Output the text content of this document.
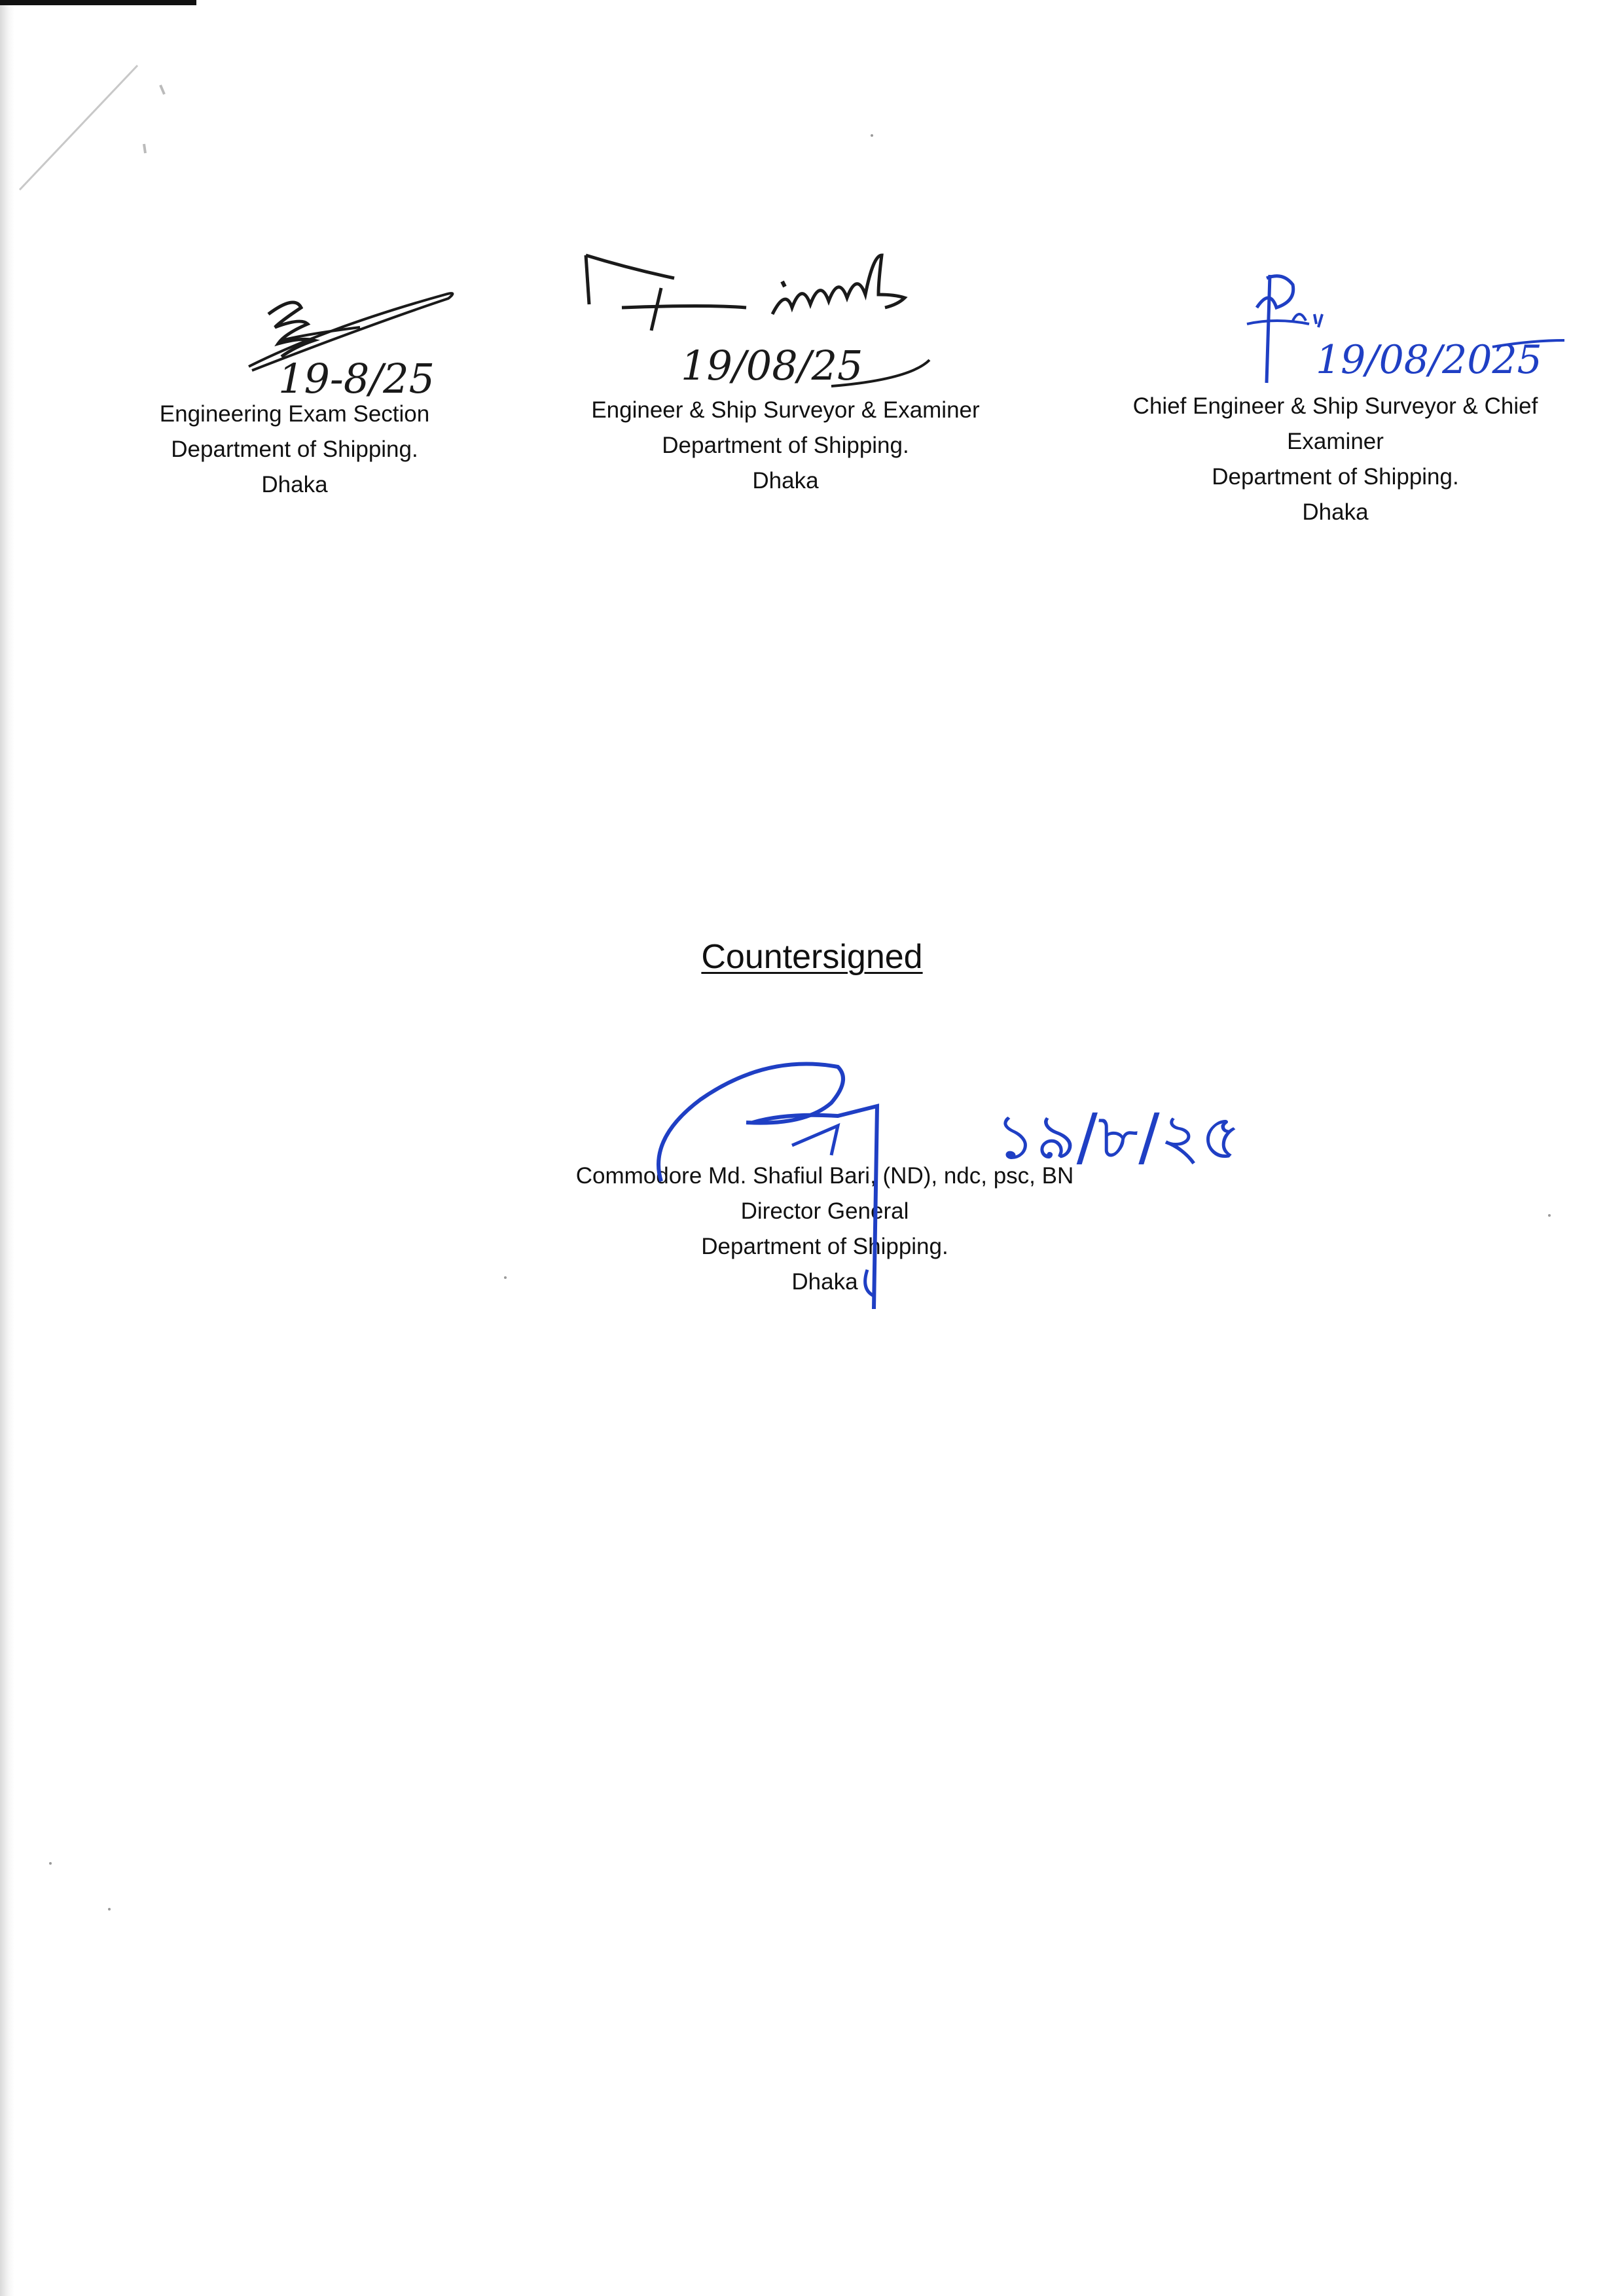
19-8/25
Engineering Exam Section
Department of Shipping.
Dhaka
19/08/25
Engineer & Ship Surveyor & Examiner
Department of Shipping.
Dhaka
19/08/2025
Chief Engineer & Ship Surveyor & Chief
Examiner
Department of Shipping.
Dhaka
Countersigned
Commodore Md. Shafiul Bari, (ND), ndc, psc, BN
Director General
Department of Shipping.
Dhaka
১৯/৮/২৫
